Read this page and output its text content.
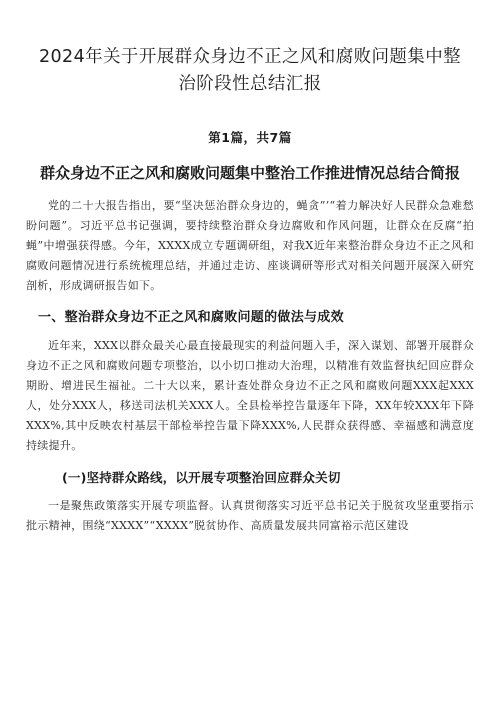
2024年关于开展群众身边不正之风和腐败问题集中整治阶段性总结汇报
第1篇，共7篇
群众身边不正之风和腐败问题集中整治工作推进情况总结合简报

党的二十大报告指出，要“坚决惩治群众身边的，蝇贪”’“着力解决好人民群众急难愁盼问题”。习近平总书记强调，要持续整治群众身边腐败和作风问题，让群众在反腐“拍蝇”中增强获得感。今年，XXXX成立专题调研组，对我X近年来整治群众身边不正之风和腐败问题情况进行系统梳理总结，并通过走访、座谈调研等形式对相关问题开展深入研究剖析，形成调研报告如下。

一、整治群众身边不正之风和腐败问题的做法与成效

近年来，XXX以群众最关心最直接最现实的利益问题入手，深入谋划、部署开展群众身边不正之风和腐败问题专项整治，以小切口推动大治理，以精准有效监督执纪回应群众期盼、增进民生福祉。二十大以来，累计查处群众身边不正之风和腐败问题XXX起XXX人，处分XXX人，移送司法机关XXX人。全县检举控告量逐年下降，XX年较XXX年下降XXX%,其中反映农村基层干部检举控告量下降XXX%,人民群众获得感、幸福感和满意度持续提升。

(一)坚持群众路线，以开展专项整治回应群众关切

一是聚焦政策落实开展专项监督。认真贯彻落实习近平总书记关于脱贫攻坚重要指示批示精神，围绕“XXXX”“XXXX”脱贫协作、高质量发展共同富裕示范区建设
